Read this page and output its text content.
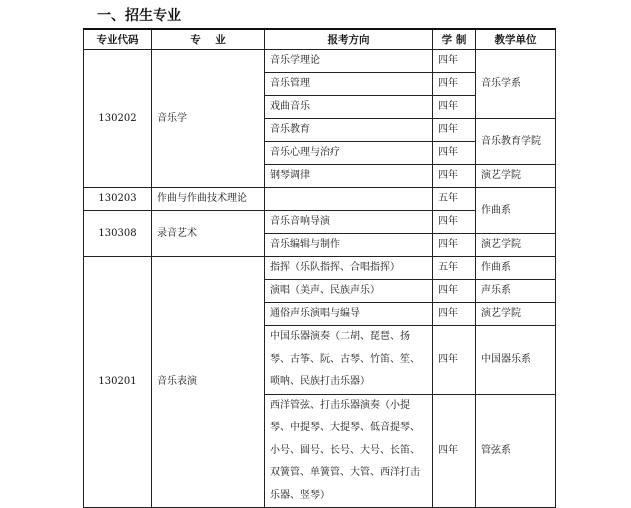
一、招生专业
专业代码	专    业	报考方向	学 制	教学单位
130202	音乐学	音乐学理论	四年	音乐学系
		音乐管理	四年	
		戏曲音乐	四年	
		音乐教育	四年	音乐教育学院
		音乐心理与治疗	四年	
		钢琴调律	四年	演艺学院
130203	作曲与作曲技术理论		五年	作曲系
130308	录音艺术	音乐音响导演	四年	
		音乐编辑与制作	四年	演艺学院
130201	音乐表演	指挥（乐队指挥、合唱指挥）	五年	作曲系
		演唱（美声、民族声乐）	四年	声乐系
		通俗声乐演唱与编导	四年	演艺学院
		中国乐器演奏（二胡、琵琶、扬琴、古筝、阮、古琴、竹笛、笙、唢呐、民族打击乐器）	四年	中国器乐系
		西洋管弦、打击乐器演奏（小提琴、中提琴、大提琴、低音提琴、小号、圆号、长号、大号、长笛、双簧管、单簧管、大管、西洋打击乐器、竖琴）	四年	管弦系
